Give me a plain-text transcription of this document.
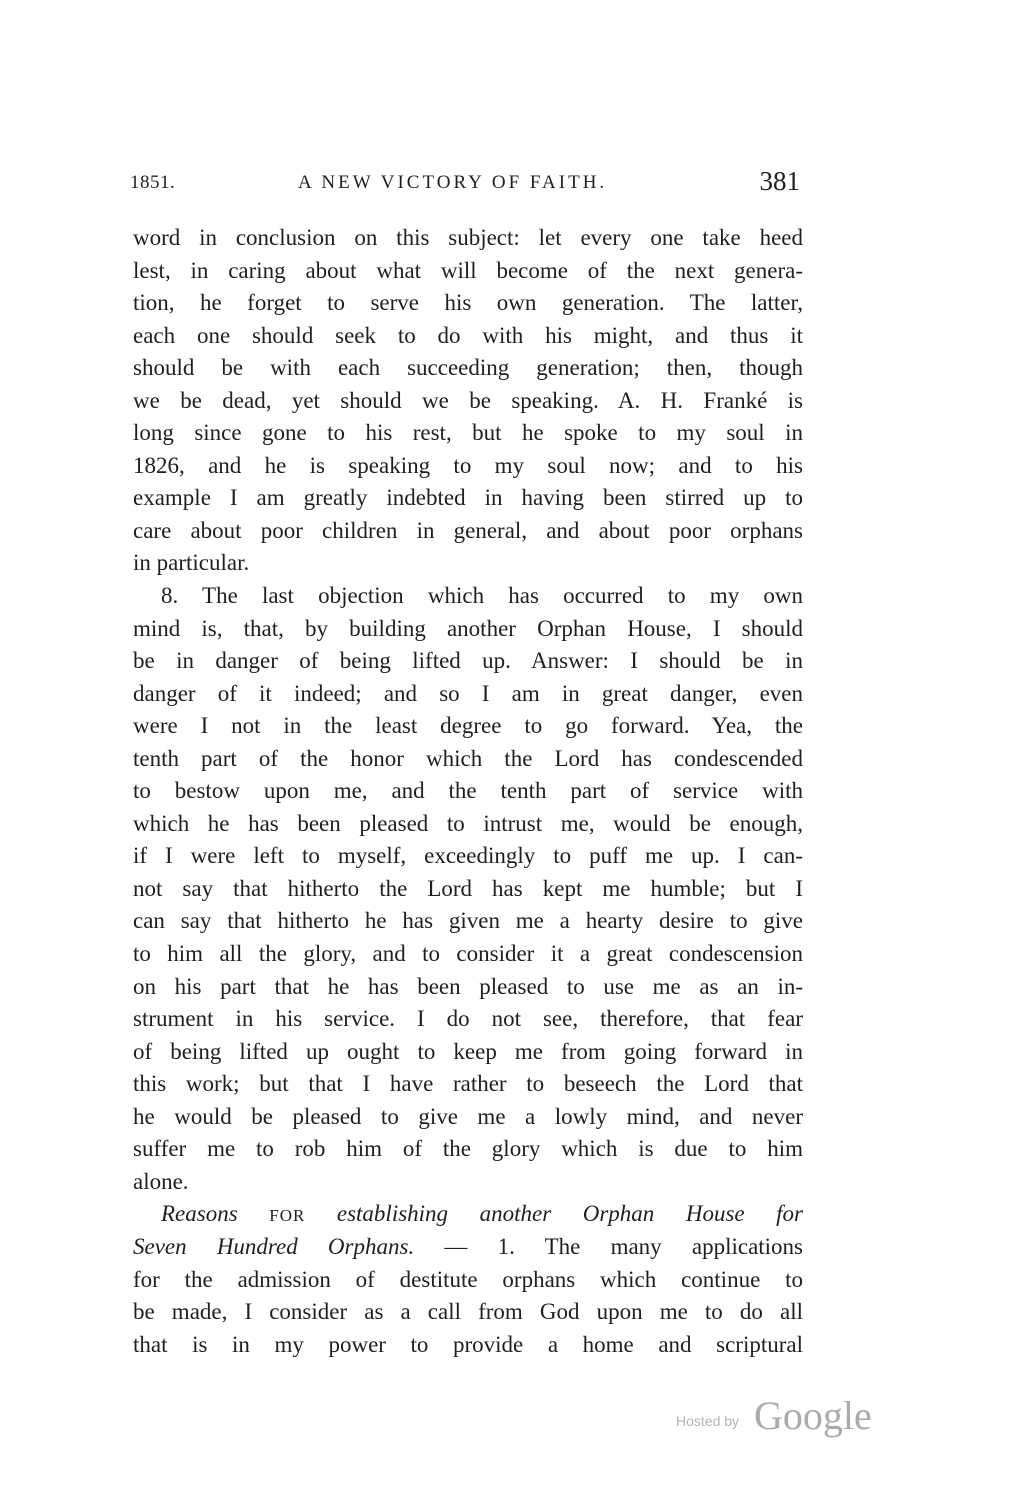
1851.	A NEW VICTORY OF FAITH.	381
word in conclusion on this subject: let every one take heed
lest, in caring about what will become of the next genera-
tion, he forget to serve his own generation. The latter,
each one should seek to do with his might, and thus it
should be with each succeeding generation; then, though
we be dead, yet should we be speaking. A. H. Franké is
long since gone to his rest, but he spoke to my soul in
1826, and he is speaking to my soul now; and to his
example I am greatly indebted in having been stirred up to
care about poor children in general, and about poor orphans
in particular.
8. The last objection which has occurred to my own
mind is, that, by building another Orphan House, I should
be in danger of being lifted up. Answer: I should be in
danger of it indeed; and so I am in great danger, even
were I not in the least degree to go forward. Yea, the
tenth part of the honor which the Lord has condescended
to bestow upon me, and the tenth part of service with
which he has been pleased to intrust me, would be enough,
if I were left to myself, exceedingly to puff me up. I can-
not say that hitherto the Lord has kept me humble; but I
can say that hitherto he has given me a hearty desire to give
to him all the glory, and to consider it a great condescension
on his part that he has been pleased to use me as an in-
strument in his service. I do not see, therefore, that fear
of being lifted up ought to keep me from going forward in
this work; but that I have rather to beseech the Lord that
he would be pleased to give me a lowly mind, and never
suffer me to rob him of the glory which is due to him
alone.
Reasons FOR establishing another Orphan House for
Seven Hundred Orphans. — 1. The many applications
for the admission of destitute orphans which continue to
be made, I consider as a call from God upon me to do all
that is in my power to provide a home and scriptural
Hosted by Google
